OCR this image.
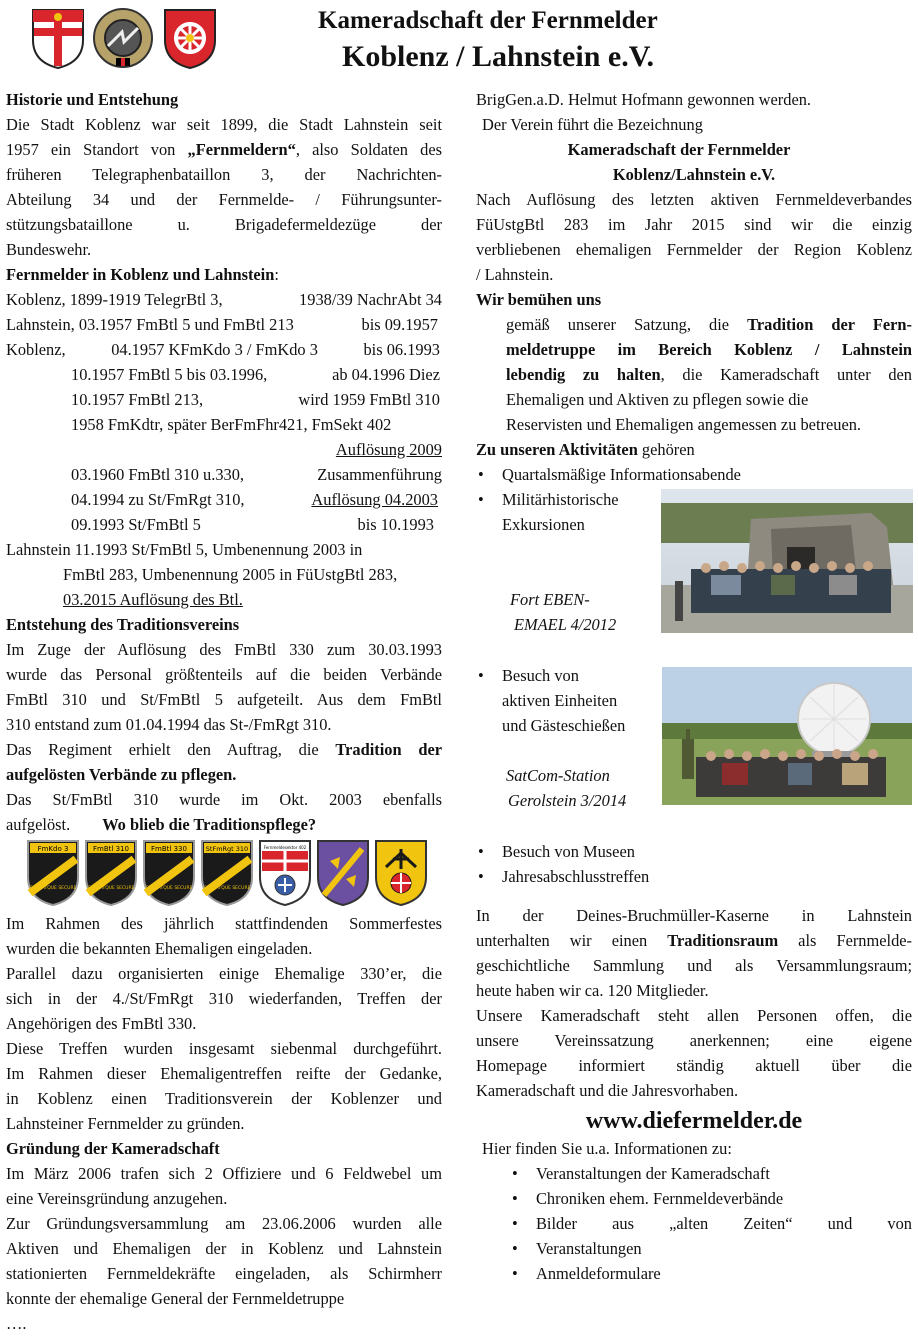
Kameradschaft der Fernmelder
Koblenz / Lahnstein e.V.

Historie und Entstehung

Die Stadt Koblenz war seit 1899, die Stadt Lahnstein seit

1957 ein Standort von „Fernmeldern“, also Soldaten des

früheren Telegraphenbataillon 3, der Nachrichten-

Abteilung 34 und der Fernmelde- / Führungsunter-

stützungsbataillone u. Brigadefermeldezüge der

Bundeswehr.

Fernmelder in Koblenz und Lahnstein:

Koblenz, 1899-1919 TelegrBtl 3,	1938/39 NachrAbt 34
Lahnstein, 03.1957 FmBtl 5 und FmBtl 213	bis 09.1957
Koblenz,	04.1957 KFmKdo 3 / FmKdo 3	bis 06.1993
10.1957 FmBtl 5 bis 03.1996,	ab 04.1996 Diez
10.1957 FmBtl 213,	wird 1959 FmBtl 310

1958 FmKdtr, später BerFmFhr421, FmSekt 402

Auflösung 2009

03.1960 FmBtl 310 u.330,	Zusammenführung
04.1994 zu St/FmRgt 310,	Auflösung 04.2003
09.1993 St/FmBtl 5	bis 10.1993

Lahnstein 11.1993 St/FmBtl 5, Umbenennung 2003 in

FmBtl 283, Umbenennung 2005 in FüUstgBtl 283,

03.2015 Auflösung des Btl.

Entstehung des Traditionsvereins

Im Zuge der Auflösung des FmBtl 330 zum 30.03.1993

wurde das Personal größtenteils auf die beiden Verbände

FmBtl 310 und St/FmBtl 5 aufgeteilt. Aus dem FmBtl

310 entstand zum 01.04.1994 das St-/FmRgt 310.

Das Regiment erhielt den Auftrag, die Tradition der

aufgelösten Verbände zu pflegen.

Das St/FmBtl 310 wurde im Okt. 2003 ebenfalls

aufgelöst. Wo blieb die Traditionspflege?

FmKdo 3
CITO ATQUE SECURE
FmBtl 310
CITO ATQUE SECURE
FmBtl 330
CITO ATQUE SECURE
StFmRgt 310
CITO ATQUE SECURE
Fernmeldesektor 402

Im Rahmen des jährlich stattfindenden Sommerfestes

wurden die bekannten Ehemaligen eingeladen.

Parallel dazu organisierten einige Ehemalige 330’er, die

sich in der 4./St/FmRgt 310 wiederfanden, Treffen der

Angehörigen des FmBtl 330.

Diese Treffen wurden insgesamt siebenmal durchgeführt.

Im Rahmen dieser Ehemaligentreffen reifte der Gedanke,

in Koblenz einen Traditionsverein der Koblenzer und

Lahnsteiner Fernmelder zu gründen.

Gründung der Kameradschaft

Im März 2006 trafen sich 2 Offiziere und 6 Feldwebel um

eine Vereinsgründung anzugehen.

Zur Gründungsversammlung am 23.06.2006 wurden alle

Aktiven und Ehemaligen der in Koblenz und Lahnstein

stationierten Fernmeldekräfte eingeladen, als Schirmherr

konnte der ehemalige General der Fernmeldetruppe

….

BrigGen.a.D. Helmut Hofmann gewonnen werden.

Der Verein führt die Bezeichnung

Kameradschaft der Fernmelder

Koblenz/Lahnstein e.V.

Nach Auflösung des letzten aktiven Fernmeldeverbandes

FüUstgBtl 283 im Jahr 2015 sind wir die einzig

verbliebenen ehemaligen Fernmelder der Region Koblenz

/ Lahnstein.

Wir bemühen uns

gemäß unserer Satzung, die Tradition der Fern-

meldetruppe im Bereich Koblenz / Lahnstein

lebendig zu halten, die Kameradschaft unter den

Ehemaligen und Aktiven zu pflegen sowie die

Reservisten und Ehemaligen angemessen zu betreuen.

Zu unseren Aktivitäten gehören

• Quartalsmäßige Informationsabende
• Militärhistorische
Exkursionen

Fort EBEN-

EMAEL 4/2012

• Besuch von
aktiven Einheiten
und Gästeschießen

SatCom-Station

Gerolstein 3/2014

• Besuch von Museen
• Jahresabschlusstreffen

In der Deines-Bruchmüller-Kaserne in Lahnstein

unterhalten wir einen Traditionsraum als Fernmelde-

geschichtliche Sammlung und als Versammlungsraum;

heute haben wir ca. 120 Mitglieder.

Unsere Kameradschaft steht allen Personen offen, die

unsere Vereinssatzung anerkennen; eine eigene

Homepage informiert ständig aktuell über die

Kameradschaft und die Jahresvorhaben.

www.diefermelder.de

Hier finden Sie u.a. Informationen zu:

• Veranstaltungen der Kameradschaft
• Chroniken ehem. Fernmeldeverbände
• Bilder aus „alten Zeiten“ und von
• Veranstaltungen
• Anmeldeformulare
